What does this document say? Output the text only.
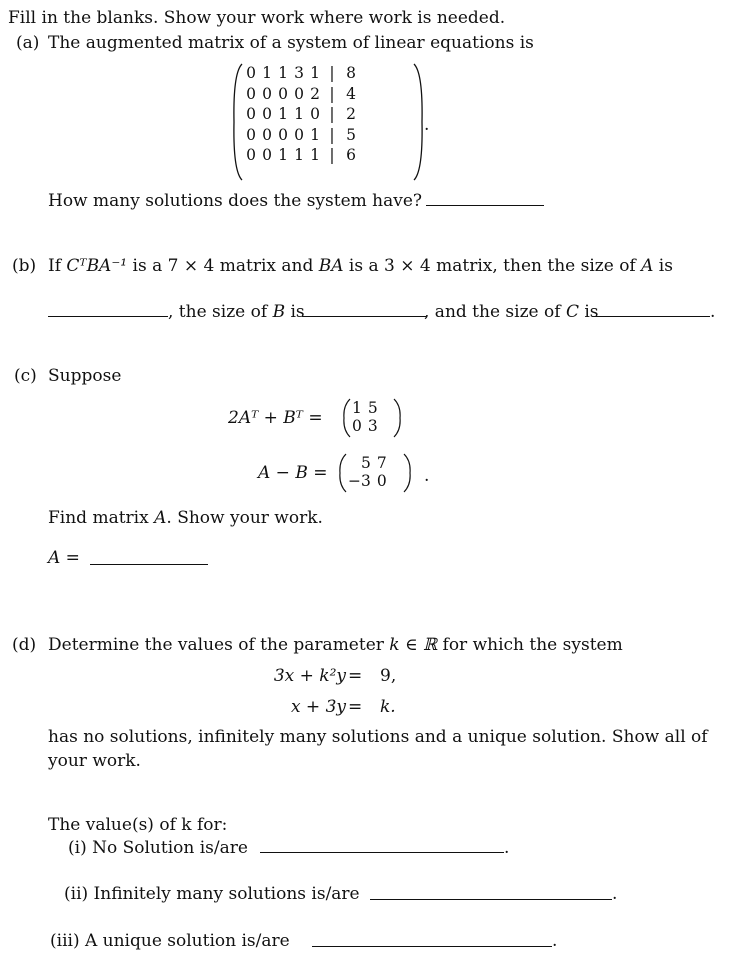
Fill in the blanks. Show your work where work is needed.
(a) The augmented matrix of a system of linear equations is
0	1	1	3	1	|	8
0	0	0	0	2	|	4
0	0	1	1	0	|	2
0	0	0	0	1	|	5
0	0	1	1	1	|	6
.
How many solutions does the system have?
(b) If CᵀBA⁻¹ is a 7 × 4 matrix and BA is a 3 × 4 matrix, then the size of A is
, the size of B is	, and the size of C is	.
(c) Suppose
2Aᵀ + Bᵀ = 1	5
0	3
A − B = 5	7
−3	0 .
Find matrix A. Show your work.
A =
(d) Determine the values of the parameter k ∈ ℝ for which the system
3x + k²y = 9,
x + 3y = k.
has no solutions, infinitely many solutions and a unique solution. Show all of
your work.
The value(s) of k for:
(i) No Solution is/are	.
(ii) Infinitely many solutions is/are	.
(iii) A unique solution is/are	.
